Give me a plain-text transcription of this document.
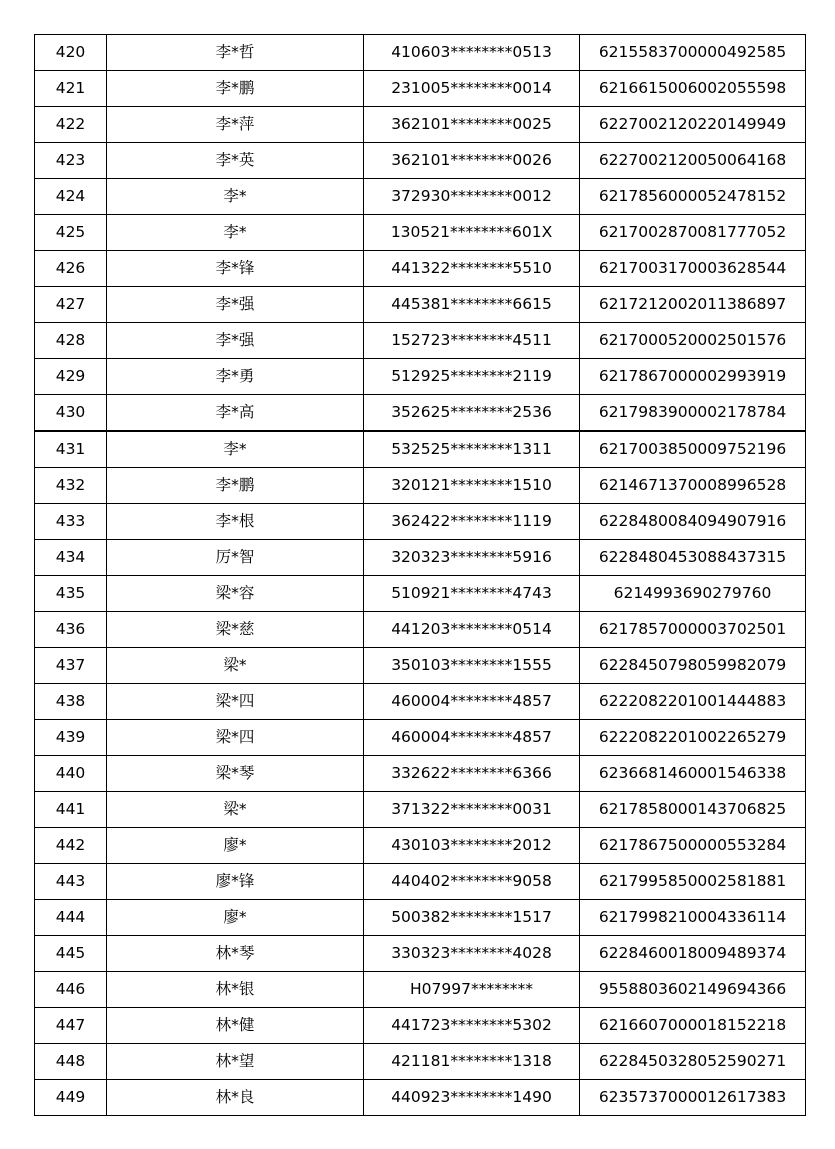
420	李*哲	410603********0513	6215583700000492585
421	李*鹏	231005********0014	6216615006002055598
422	李*萍	362101********0025	6227002120220149949
423	李*英	362101********0026	6227002120050064168
424	李*	372930********0012	6217856000052478152
425	李*	130521********601X	6217002870081777052
426	李*锋	441322********5510	6217003170003628544
427	李*强	445381********6615	6217212002011386897
428	李*强	152723********4511	6217000520002501576
429	李*勇	512925********2119	6217867000002993919
430	李*高	352625********2536	6217983900002178784
431	李*	532525********1311	6217003850009752196
432	李*鹏	320121********1510	6214671370008996528
433	李*根	362422********1119	6228480084094907916
434	厉*智	320323********5916	6228480453088437315
435	梁*容	510921********4743	6214993690279760
436	梁*慈	441203********0514	6217857000003702501
437	梁*	350103********1555	6228450798059982079
438	梁*四	460004********4857	6222082201001444883
439	梁*四	460004********4857	6222082201002265279
440	梁*琴	332622********6366	6236681460001546338
441	梁*	371322********0031	6217858000143706825
442	廖*	430103********2012	6217867500000553284
443	廖*锋	440402********9058	6217995850002581881
444	廖*	500382********1517	6217998210004336114
445	林*琴	330323********4028	6228460018009489374
446	林*银	H07997********	9558803602149694366
447	林*健	441723********5302	6216607000018152218
448	林*望	421181********1318	6228450328052590271
449	林*良	440923********1490	6235737000012617383
